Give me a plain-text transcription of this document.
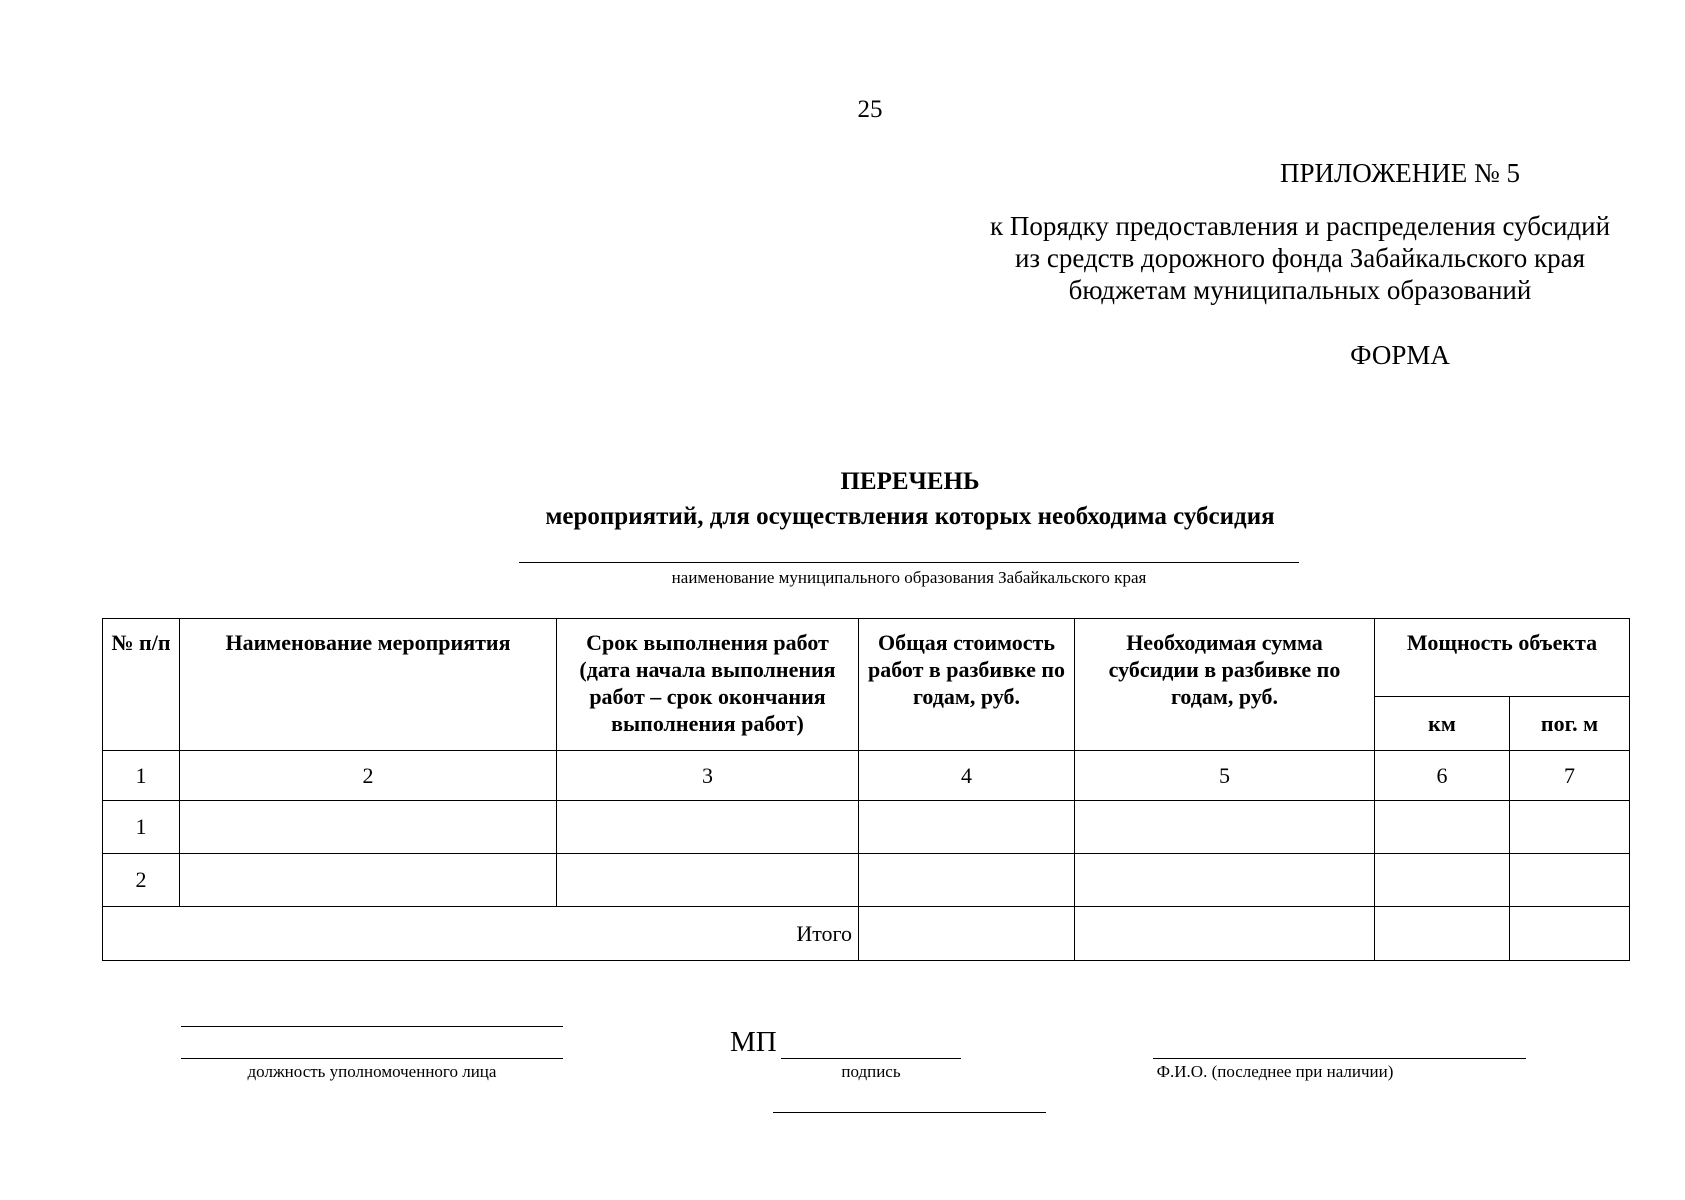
25
ПРИЛОЖЕНИЕ № 5
к Порядку предоставления и распределения субсидий
из средств дорожного фонда Забайкальского края
бюджетам муниципальных образований
ФОРМА
ПЕРЕЧЕНЬ
мероприятий, для осуществления которых необходима субсидия
наименование муниципального образования Забайкальского края
№ п/п	Наименование мероприятия	Срок выполнения работ (дата начала выполнения работ – срок окончания выполнения работ)	Общая стоимость работ в разбивке по годам, руб.	Необходимая сумма субсидии в разбивке по годам, руб.	Мощность объекта	
					км	пог. м
1	2	3	4	5	6	7
1						
2						
Итого						
должность уполномоченного лица
МП
подпись	Ф.И.О. (последнее при наличии)
